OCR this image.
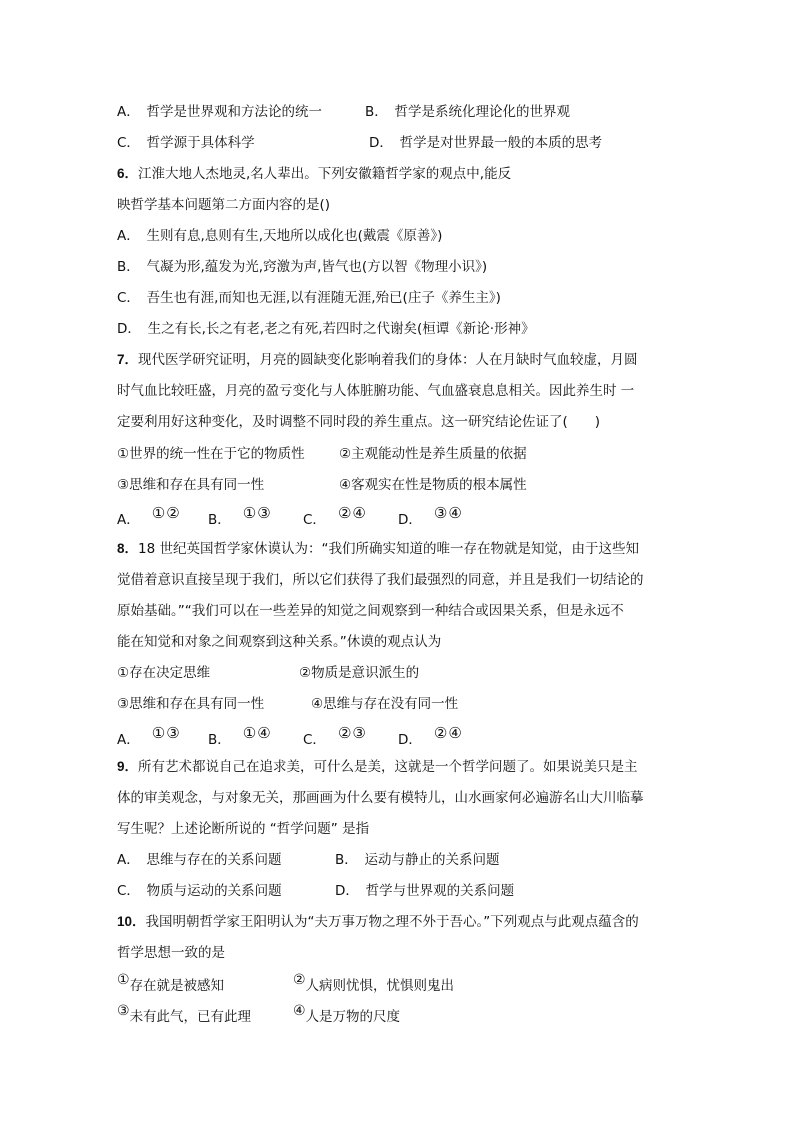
A．　哲学是世界观和方法论的统一	B．　哲学是系统化理论化的世界观
C．　哲学源于具体科学	D．　哲学是对世界最一般的本质的思考
6．江淮大地人杰地灵,名人辈出。下列安徽籍哲学家的观点中,能反
映哲学基本问题第二方面内容的是()
A．　生则有息,息则有生,天地所以成化也(戴震《原善》)
B．　气凝为形,蕴发为光,窍激为声,皆气也(方以智《物理小识》)
C．　吾生也有涯,而知也无涯,以有涯随无涯,殆已(庄子《养生主》)
D．　生之有长,长之有老,老之有死,若四时之代谢矣(桓谭《新论·形神》
7．现代医学研究证明，月亮的圆缺变化影响着我们的身体：人在月缺时气血较虚，月圆
时气血比较旺盛，月亮的盈亏变化与人体脏腑功能、气血盛衰息息相关。因此养生时 一
定要利用好这种变化，及时调整不同时段的养生重点。这一研究结论佐证了(　　)
①世界的统一性在于它的物质性	②主观能动性是养生质量的依据
③思维和存在具有同一性	④客观实在性是物质的根本属性
A． ①② B． ①③ C． ②④ D． ③④
8．18 世纪英国哲学家休谟认为：“我们所确实知道的唯一存在物就是知觉，由于这些知
觉借着意识直接呈现于我们，所以它们获得了我们最强烈的同意，并且是我们一切结论的
原始基础。”“我们可以在一些差异的知觉之间观察到一种结合或因果关系，但是永远不
能在知觉和对象之间观察到这种关系。”休谟的观点认为
①存在决定思维	②物质是意识派生的
③思维和存在具有同一性	④思维与存在没有同一性
A． ①③ B． ①④ C． ②③ D． ②④
9．所有艺术都说自己在追求美，可什么是美，这就是一个哲学问题了。如果说美只是主
体的审美观念，与对象无关，那画画为什么要有模特儿，山水画家何必遍游名山大川临摹
写生呢？上述论断所说的 “哲学问题” 是指
A．　思维与存在的关系问题	B．　运动与静止的关系问题
C．　物质与运动的关系问题	D．　哲学与世界观的关系问题
10．我国明朝哲学家王阳明认为“夫万事万物之理不外于吾心。”下列观点与此观点蕴含的
哲学思想一致的是
①存在就是被感知	②人病则忧惧，忧惧则鬼出
③未有此气，已有此理	④人是万物的尺度
